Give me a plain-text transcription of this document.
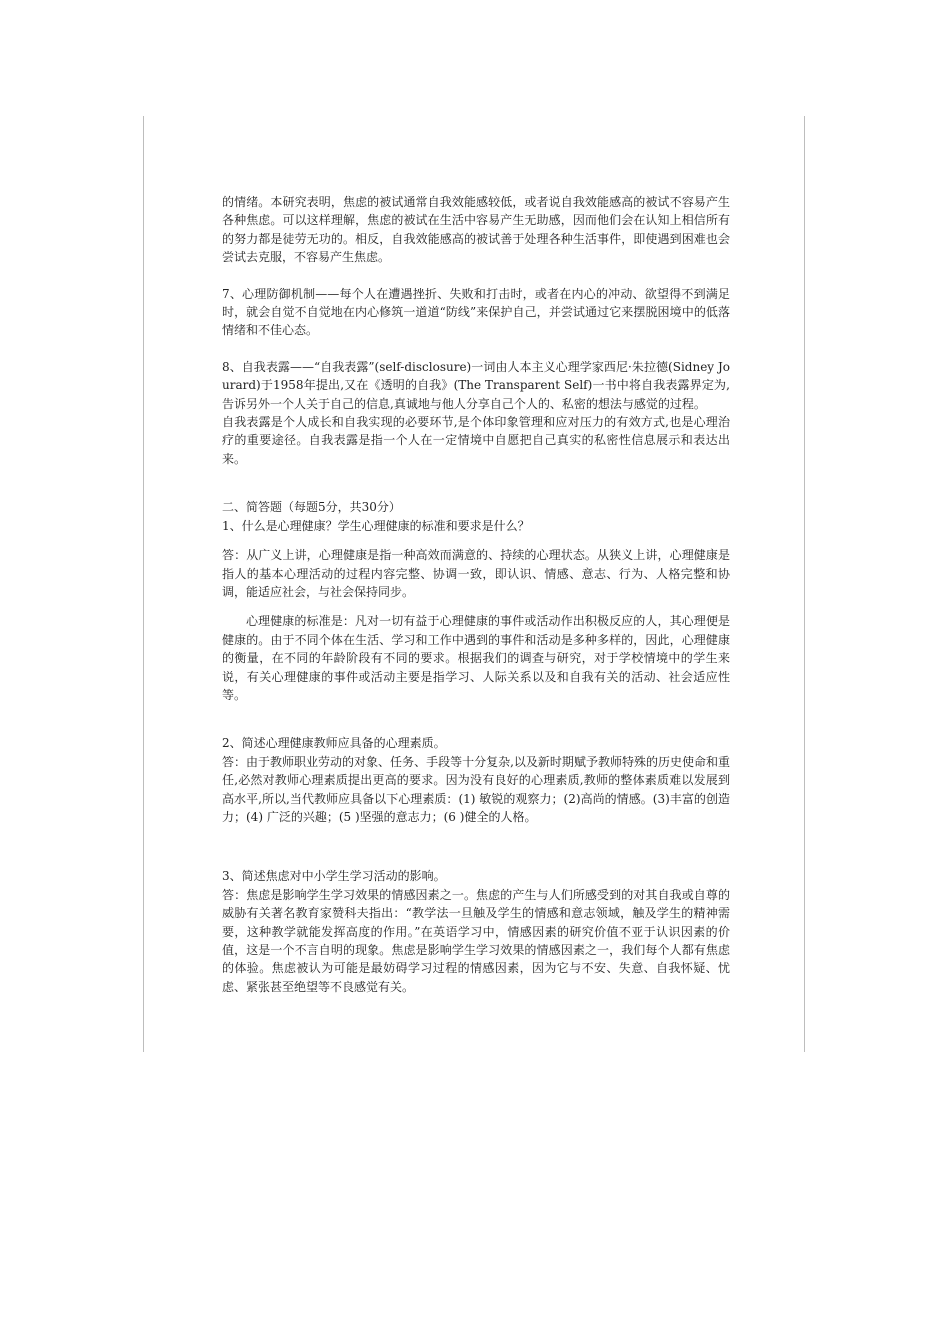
的情绪。本研究表明，焦虑的被试通常自我效能感较低，或者说自我效能感高的被试不容易产生各种焦虑。可以这样理解，焦虑的被试在生活中容易产生无助感，因而他们会在认知上相信所有的努力都是徒劳无功的。相反，自我效能感高的被试善于处理各种生活事件，即使遇到困难也会尝试去克服，不容易产生焦虑。

7、心理防御机制——每个人在遭遇挫折、失败和打击时，或者在内心的冲动、欲望得不到满足时，就会自觉不自觉地在内心修筑一道道“防线”来保护自己，并尝试通过它来摆脱困境中的低落情绪和不佳心态。

8、自我表露——“自我表露”(self-disclosure)一词由人本主义心理学家西尼·朱拉德(Sidney Jourard)于1958年提出,又在《透明的自我》(The Transparent Self)一书中将自我表露界定为,告诉另外一个人关于自己的信息,真诚地与他人分享自己个人的、私密的想法与感觉的过程。

自我表露是个人成长和自我实现的必要环节,是个体印象管理和应对压力的有效方式,也是心理治疗的重要途径。自我表露是指一个人在一定情境中自愿把自己真实的私密性信息展示和表达出来。

二、简答题（每题5分，共30分）

1、什么是心理健康？学生心理健康的标准和要求是什么？

答：从广义上讲，心理健康是指一种高效而满意的、持续的心理状态。从狭义上讲，心理健康是指人的基本心理活动的过程内容完整、协调一致，即认识、情感、意志、行为、人格完整和协调，能适应社会，与社会保持同步。

心理健康的标准是：凡对一切有益于心理健康的事件或活动作出积极反应的人，其心理便是健康的。由于不同个体在生活、学习和工作中遇到的事件和活动是多种多样的，因此，心理健康的衡量，在不同的年龄阶段有不同的要求。根据我们的调查与研究，对于学校情境中的学生来说，有关心理健康的事件或活动主要是指学习、人际关系以及和自我有关的活动、社会适应性等。

2、简述心理健康教师应具备的心理素质。

答：由于教师职业劳动的对象、任务、手段等十分复杂,以及新时期赋予教师特殊的历史使命和重任,必然对教师心理素质提出更高的要求。因为没有良好的心理素质,教师的整体素质难以发展到高水平,所以,当代教师应具备以下心理素质：(1) 敏锐的观察力；(2)高尚的情感。(3)丰富的创造力；(4) 广泛的兴趣；(5 )坚强的意志力；(6 )健全的人格。

3、简述焦虑对中小学生学习活动的影响。

答：焦虑是影响学生学习效果的情感因素之一。焦虑的产生与人们所感受到的对其自我或自尊的威胁有关著名教育家赞科夫指出：“教学法一旦触及学生的情感和意志领域，触及学生的精神需要，这种教学就能发挥高度的作用。”在英语学习中，情感因素的研究价值不亚于认识因素的价值，这是一个不言自明的现象。焦虑是影响学生学习效果的情感因素之一，我们每个人都有焦虑的体验。焦虑被认为可能是最妨碍学习过程的情感因素，因为它与不安、失意、自我怀疑、忧虑、紧张甚至绝望等不良感觉有关。
